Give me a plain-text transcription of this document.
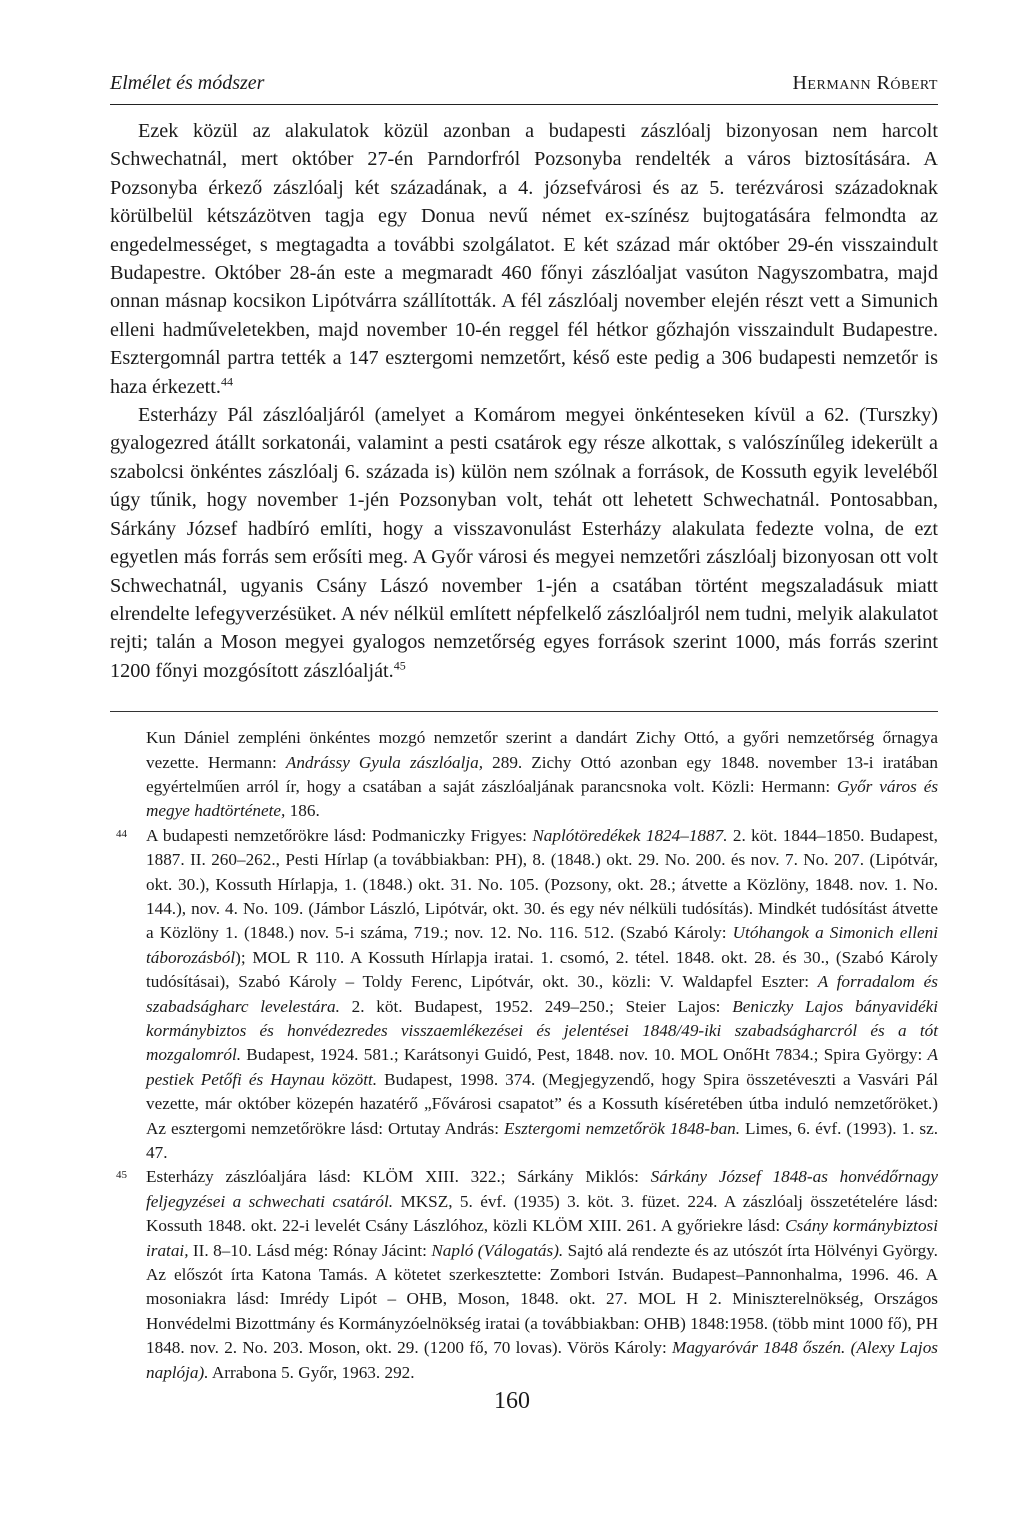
Elmélet és módszer	Hermann Róbert

Ezek közül az alakulatok közül azonban a budapesti zászlóalj bizonyosan nem harcolt Schwechatnál, mert október 27-én Parndorfról Pozsonyba rendelték a város biztosítására. A Pozsonyba érkező zászlóalj két századának, a 4. józsefvárosi és az 5. terézvárosi századoknak körülbelül kétszázötven tagja egy Donua nevű német ex-színész bujtogatására felmondta az engedelmességet, s megtagadta a további szolgálatot. E két század már október 29-én visszaindult Budapestre. Október 28-án este a megmaradt 460 főnyi zászlóaljat vasúton Nagyszombatra, majd onnan másnap kocsikon Lipótvárra szállították. A fél zászlóalj november elején részt vett a Simunich elleni hadműveletekben, majd november 10-én reggel fél hétkor gőzhajón visszaindult Budapestre. Esztergomnál partra tették a 147 esztergomi nemzetőrt, késő este pedig a 306 budapesti nemzetőr is haza érkezett.$^{44}$

Esterházy Pál zászlóaljáról (amelyet a Komárom megyei önkénteseken kívül a 62. (Turszky) gyalogezred átállt sorkatonái, valamint a pesti csatárok egy része alkottak, s valószínűleg idekerült a szabolcsi önkéntes zászlóalj 6. százada is) külön nem szólnak a források, de Kossuth egyik leveléből úgy tűnik, hogy november 1-jén Pozsonyban volt, tehát ott lehetett Schwechatnál. Pontosabban, Sárkány József hadbíró említi, hogy a visszavonulást Esterházy alakulata fedezte volna, de ezt egyetlen más forrás sem erősíti meg. A Győr városi és megyei nemzetőri zászlóalj bizonyosan ott volt Schwechatnál, ugyanis Csány Lászó november 1-jén a csatában történt megszaladásuk miatt elrendelte lefegyverzésüket. A név nélkül említett népfelkelő zászlóaljról nem tudni, melyik alakulatot rejti; talán a Moson megyei gyalogos nemzetőrség egyes források szerint 1000, más forrás szerint 1200 főnyi mozgósított zászlóalját.$^{45}$

Kun Dániel zempléni önkéntes mozgó nemzetőr szerint a dandárt Zichy Ottó, a győri nemzetőrség őrnagya vezette. Hermann: Andrássy Gyula zászlóalja, 289. Zichy Ottó azonban egy 1848. november 13-i iratában egyértelműen arról ír, hogy a csatában a saját zászlóaljának parancsnoka volt. Közli: Hermann: Győr város és megye hadtörténete, 186.

44 A budapesti nemzetőrökre lásd: Podmaniczky Frigyes: Naplótöredékek 1824–1887. 2. köt. 1844–1850. Budapest, 1887. II. 260–262., Pesti Hírlap (a továbbiakban: PH), 8. (1848.) okt. 29. No. 200. és nov. 7. No. 207. (Lipótvár, okt. 30.), Kossuth Hírlapja, 1. (1848.) okt. 31. No. 105. (Pozsony, okt. 28.; átvette a Közlöny, 1848. nov. 1. No. 144.), nov. 4. No. 109. (Jámbor László, Lipótvár, okt. 30. és egy név nélküli tudósítás). Mindkét tudósítást átvette a Közlöny 1. (1848.) nov. 5-i száma, 719.; nov. 12. No. 116. 512. (Szabó Károly: Utóhangok a Simonich elleni táborozásból); MOL R 110. A Kossuth Hírlapja iratai. 1. csomó, 2. tétel. 1848. okt. 28. és 30., (Szabó Károly tudósításai), Szabó Károly – Toldy Ferenc, Lipótvár, okt. 30., közli: V. Waldapfel Eszter: A forradalom és szabadságharc levelestára. 2. köt. Budapest, 1952. 249–250.; Steier Lajos: Beniczky Lajos bányavidéki kormánybiztos és honvédezredes visszaemlékezései és jelentései 1848/49-iki szabadságharcról és a tót mozgalomról. Budapest, 1924. 581.; Karátsonyi Guidó, Pest, 1848. nov. 10. MOL OnőHt 7834.; Spira György: A pestiek Petőfi és Haynau között. Budapest, 1998. 374. (Megjegyzendő, hogy Spira összetéveszti a Vasvári Pál vezette, már október közepén hazatérő „Fővárosi csapatot” és a Kossuth kíséretében útba induló nemzetőröket.) Az esztergomi nemzetőrökre lásd: Ortutay András: Esztergomi nemzetőrök 1848-ban. Limes, 6. évf. (1993). 1. sz. 47.

45 Esterházy zászlóaljára lásd: KLÖM XIII. 322.; Sárkány Miklós: Sárkány József 1848-as honvédőrnagy feljegyzései a schwechati csatáról. MKSZ, 5. évf. (1935) 3. köt. 3. füzet. 224. A zászlóalj összetételére lásd: Kossuth 1848. okt. 22-i levelét Csány Lászlóhoz, közli KLÖM XIII. 261. A győriekre lásd: Csány kormánybiztosi iratai, II. 8–10. Lásd még: Rónay Jácint: Napló (Válogatás). Sajtó alá rendezte és az utószót írta Hölvényi György. Az előszót írta Katona Tamás. A kötetet szerkesztette: Zombori István. Budapest–Pannonhalma, 1996. 46. A mosoniakra lásd: Imrédy Lipót – OHB, Moson, 1848. okt. 27. MOL H 2. Miniszterelnökség, Országos Honvédelmi Bizottmány és Kormányzóelnökség iratai (a továbbiakban: OHB) 1848:1958. (több mint 1000 fő), PH 1848. nov. 2. No. 203. Moson, okt. 29. (1200 fő, 70 lovas). Vörös Károly: Magyaróvár 1848 őszén. (Alexy Lajos naplója). Arrabona 5. Győr, 1963. 292.

160
